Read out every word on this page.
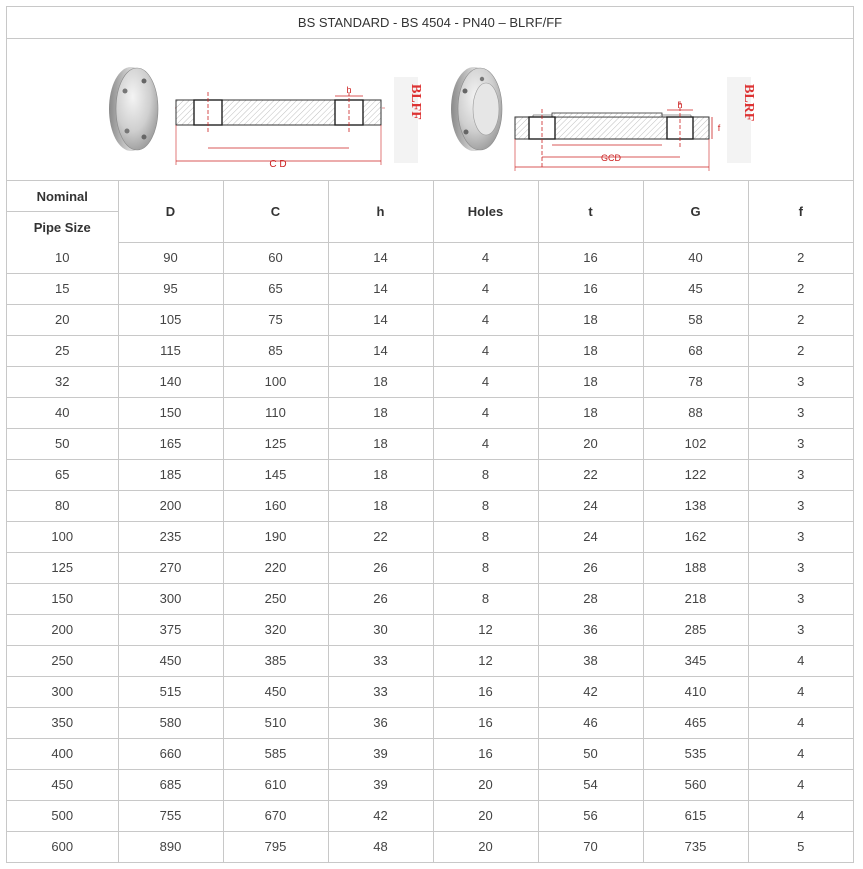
BS STANDARD - BS 4504 - PN40 – BLRF/FF
h
C D
BLFF	h
f
GCD
BLRF
Nominal	D	C	h	Holes	t	G	f
Pipe Size							
10	90	60	14	4	16	40	2
15	95	65	14	4	16	45	2
20	105	75	14	4	18	58	2
25	115	85	14	4	18	68	2
32	140	100	18	4	18	78	3
40	150	110	18	4	18	88	3
50	165	125	18	4	20	102	3
65	185	145	18	8	22	122	3
80	200	160	18	8	24	138	3
100	235	190	22	8	24	162	3
125	270	220	26	8	26	188	3
150	300	250	26	8	28	218	3
200	375	320	30	12	36	285	3
250	450	385	33	12	38	345	4
300	515	450	33	16	42	410	4
350	580	510	36	16	46	465	4
400	660	585	39	16	50	535	4
450	685	610	39	20	54	560	4
500	755	670	42	20	56	615	4
600	890	795	48	20	70	735	5
